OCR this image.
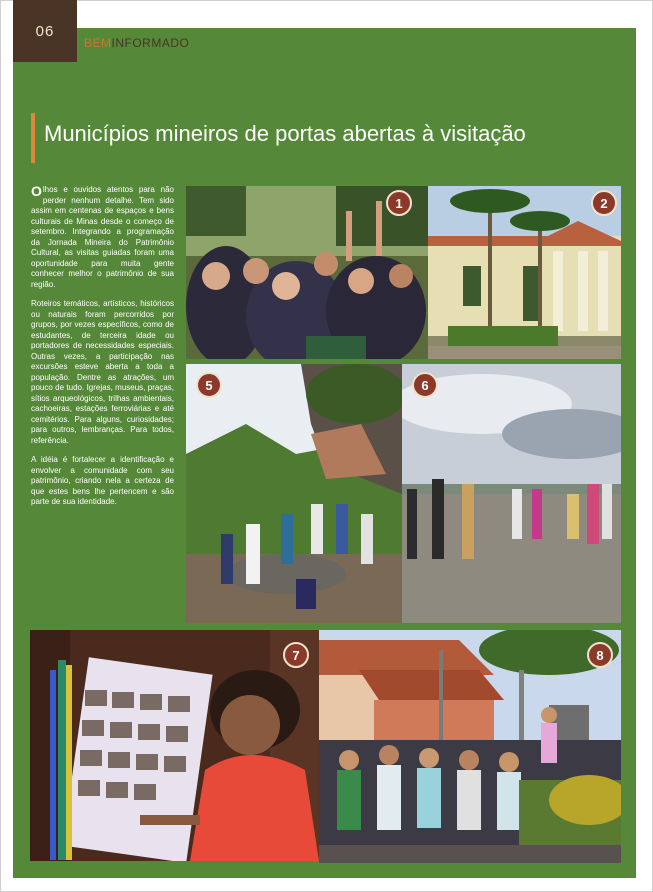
06
BEMINFORMADO
Municípios mineiros de portas abertas à visitação

Olhos e ouvidos atentos para não perder nenhum detalhe. Tem sido assim em centenas de espaços e bens culturais de Minas desde o começo de setembro. Integrando a programação da Jornada Mineira do Patrimônio Cultural, as visitas guiadas foram uma oportunidade para muita gente conhecer melhor o patrimônio de sua região.

Roteiros temáticos, artísticos, históricos ou naturais foram percorridos por grupos, por vezes específicos, como de estudantes, de terceira idade ou portadores de necessidades especiais. Outras vezes, a participação nas excursões esteve aberta a toda a população. Dentre as atrações, um pouco de tudo. Igrejas, museus, praças, sítios arqueológicos, trilhas ambientais, cachoeiras, estações ferroviárias e até cemitérios. Para alguns, curiosidades; para outros, lembranças. Para todos, referência.

A idéia é fortalecer a identificação e envolver a comunidade com seu patrimônio, criando nela a certeza de que estes bens lhe pertencem e são parte de sua identidade.

1	2
5	6
7	8
